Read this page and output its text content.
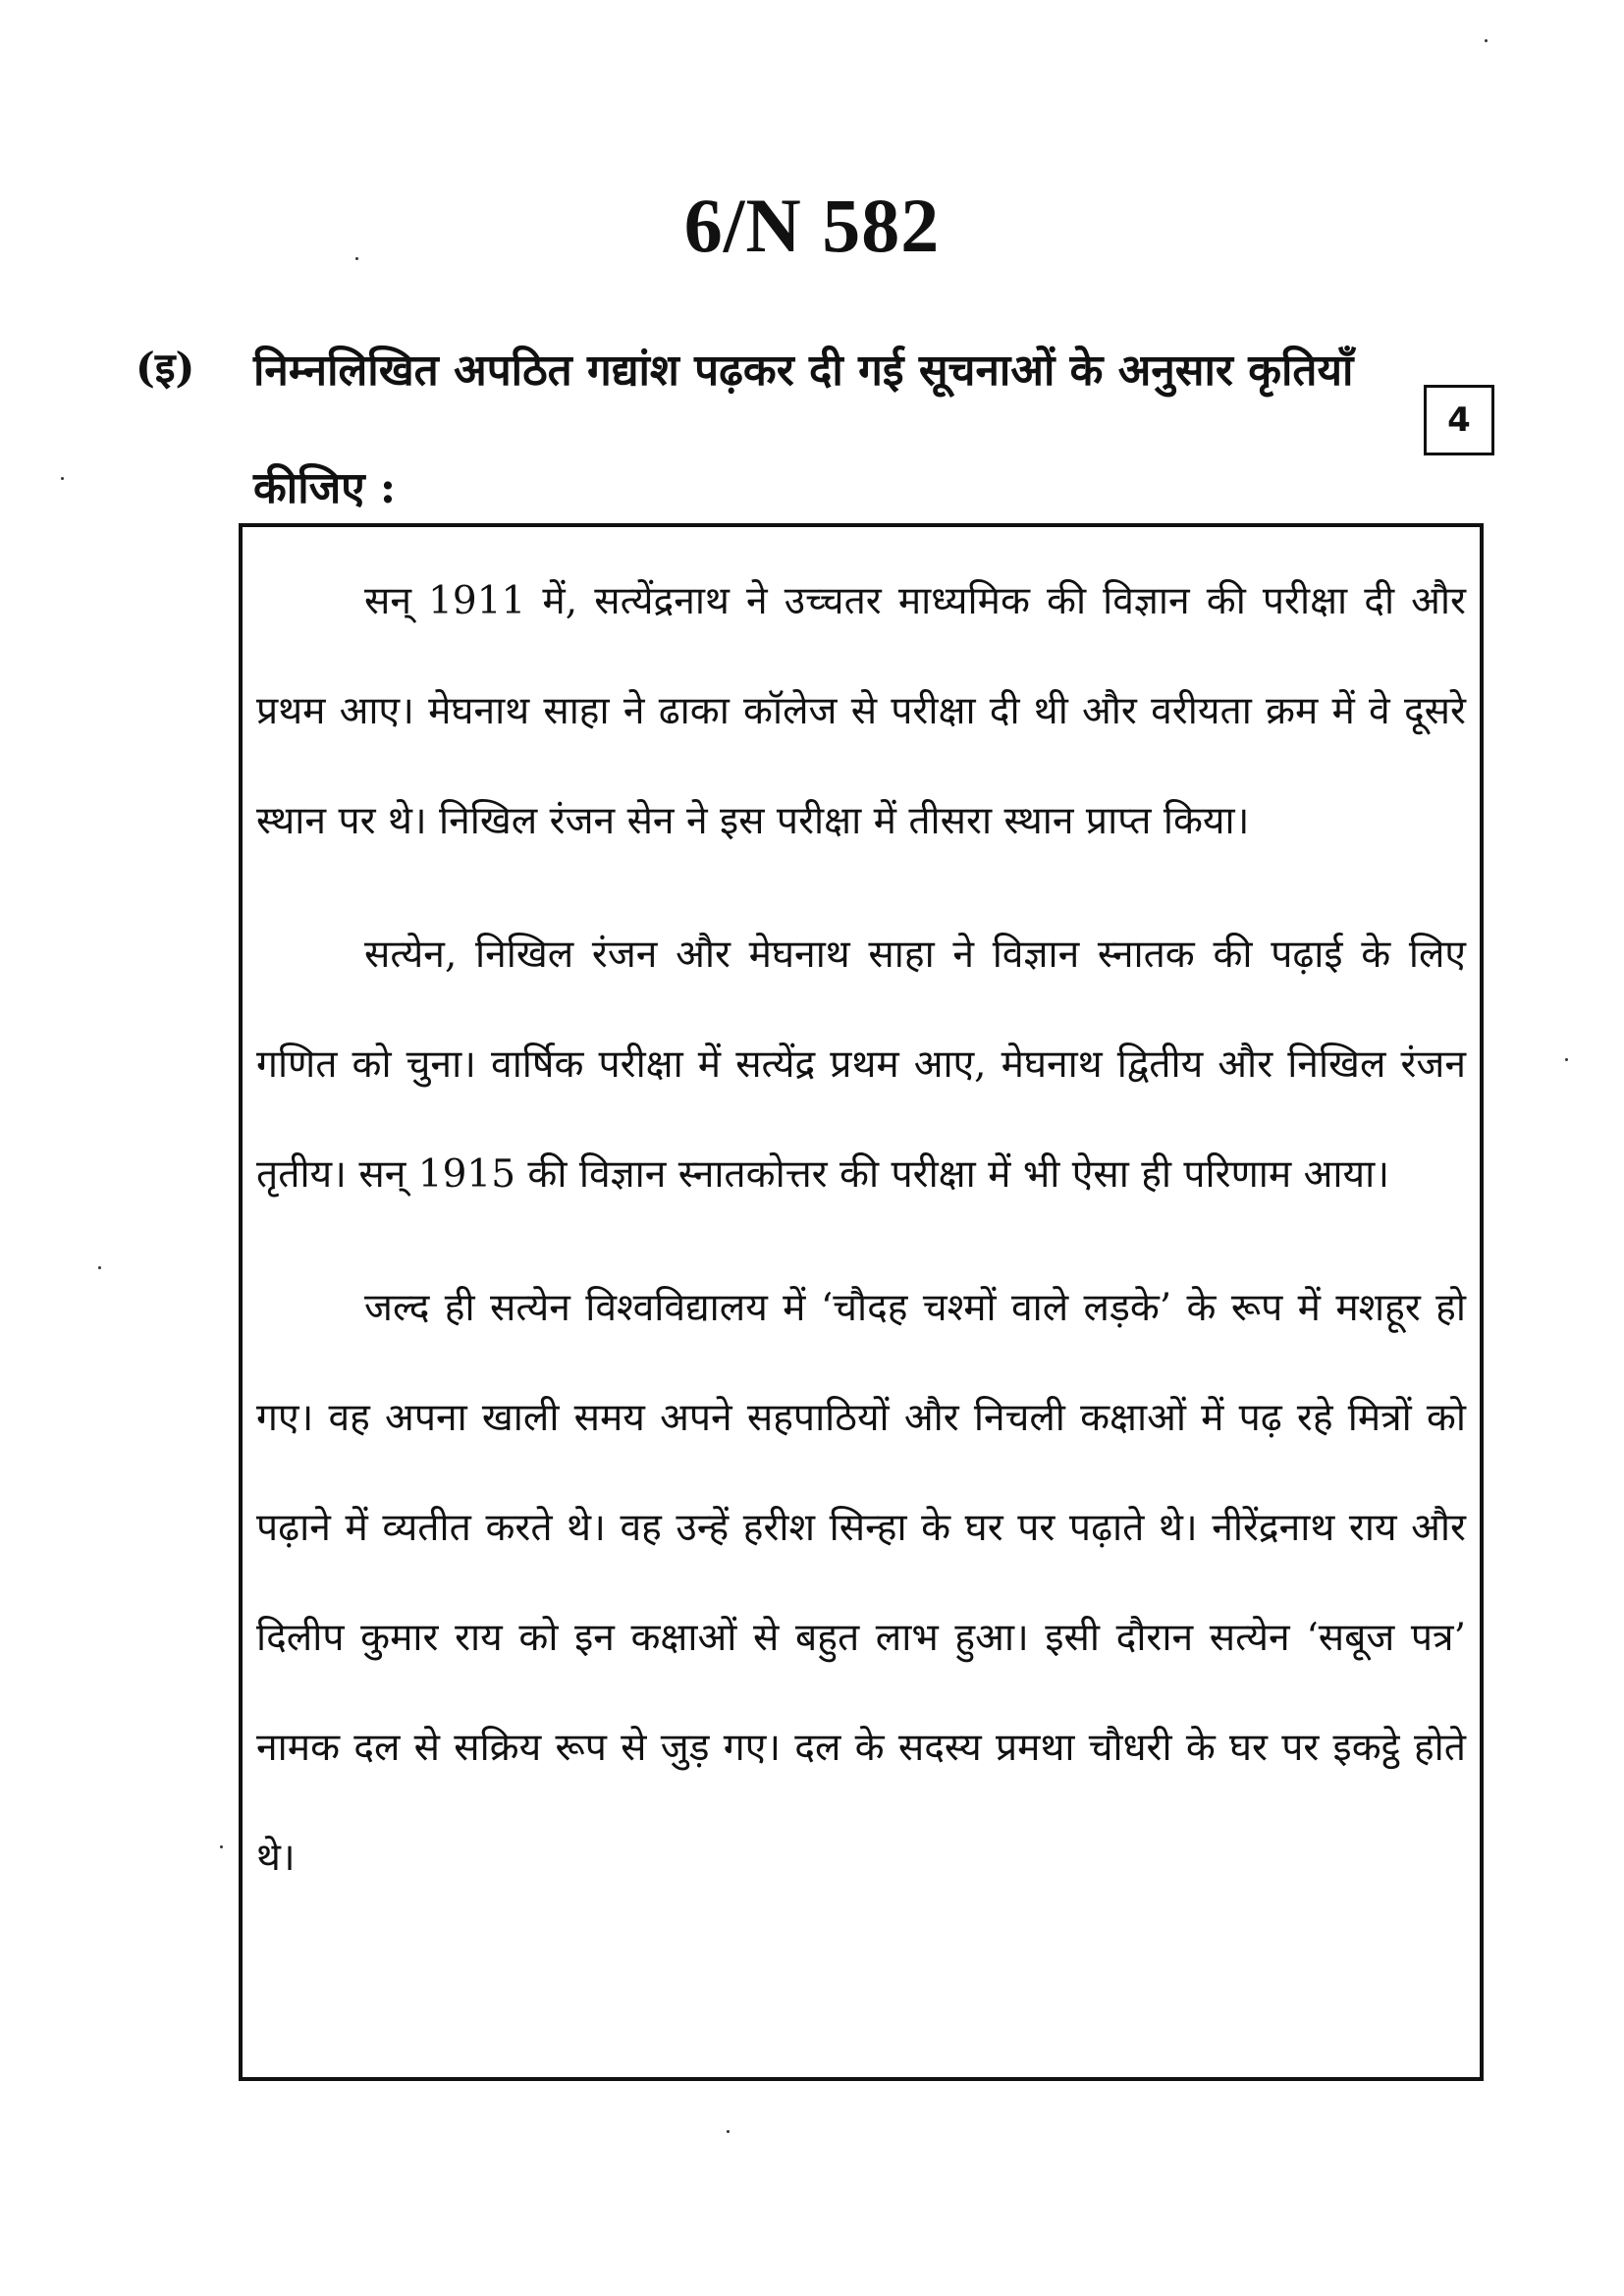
6/N 582
(इ) निम्नलिखित अपठित गद्यांश पढ़कर दी गई सूचनाओं के अनुसार कृतियाँ कीजिए :
4

सन् 1911 में, सत्येंद्रनाथ ने उच्चतर माध्यमिक की विज्ञान की परीक्षा दी और प्रथम आए। मेघनाथ साहा ने ढाका कॉलेज से परीक्षा दी थी और वरीयता क्रम में वे दूसरे स्थान पर थे। निखिल रंजन सेन ने इस परीक्षा में तीसरा स्थान प्राप्त किया।

सत्येन, निखिल रंजन और मेघनाथ साहा ने विज्ञान स्नातक की पढ़ाई के लिए गणित को चुना। वार्षिक परीक्षा में सत्येंद्र प्रथम आए, मेघनाथ द्वितीय और निखिल रंजन तृतीय। सन् 1915 की विज्ञान स्नातकोत्तर की परीक्षा में भी ऐसा ही परिणाम आया।

जल्द ही सत्येन विश्वविद्यालय में ‘चौदह चश्मों वाले लड़के’ के रूप में मशहूर हो गए। वह अपना खाली समय अपने सहपाठियों और निचली कक्षाओं में पढ़ रहे मित्रों को पढ़ाने में व्यतीत करते थे। वह उन्हें हरीश सिन्हा के घर पर पढ़ाते थे। नीरेंद्रनाथ राय और दिलीप कुमार राय को इन कक्षाओं से बहुत लाभ हुआ। इसी दौरान सत्येन ‘सबूज पत्र’ नामक दल से सक्रिय रूप से जुड़ गए। दल के सदस्य प्रमथा चौधरी के घर पर इकट्ठे होते थे।
